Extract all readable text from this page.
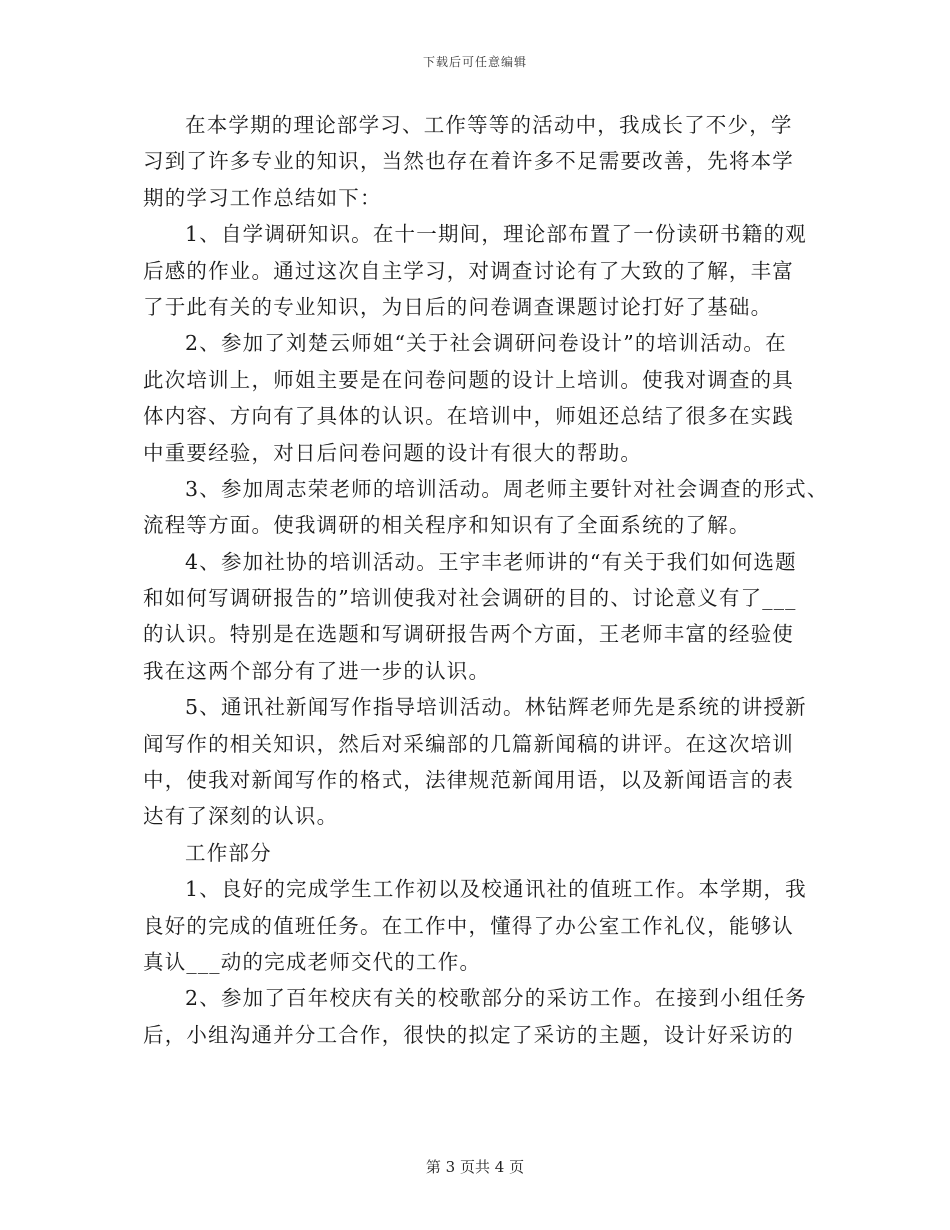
下载后可任意编辑
在本学期的理论部学习、工作等等的活动中，我成长了不少，学
习到了许多专业的知识，当然也存在着许多不足需要改善，先将本学
期的学习工作总结如下：
1、自学调研知识。在十一期间，理论部布置了一份读研书籍的观
后感的作业。通过这次自主学习，对调查讨论有了大致的了解，丰富
了于此有关的专业知识，为日后的问卷调查课题讨论打好了基础。
2、参加了刘楚云师姐“关于社会调研问卷设计”的培训活动。在
此次培训上，师姐主要是在问卷问题的设计上培训。使我对调查的具
体内容、方向有了具体的认识。在培训中，师姐还总结了很多在实践
中重要经验，对日后问卷问题的设计有很大的帮助。
3、参加周志荣老师的培训活动。周老师主要针对社会调查的形式、
流程等方面。使我调研的相关程序和知识有了全面系统的了解。
4、参加社协的培训活动。王宇丰老师讲的“有关于我们如何选题
和如何写调研报告的”培训使我对社会调研的目的、讨论意义有了___
的认识。特别是在选题和写调研报告两个方面，王老师丰富的经验使
我在这两个部分有了进一步的认识。
5、通讯社新闻写作指导培训活动。林钻辉老师先是系统的讲授新
闻写作的相关知识，然后对采编部的几篇新闻稿的讲评。在这次培训
中，使我对新闻写作的格式，法律规范新闻用语，以及新闻语言的表
达有了深刻的认识。
工作部分
1、良好的完成学生工作初以及校通讯社的值班工作。本学期，我
良好的完成的值班任务。在工作中，懂得了办公室工作礼仪，能够认
真认___动的完成老师交代的工作。
2、参加了百年校庆有关的校歌部分的采访工作。在接到小组任务
后，小组沟通并分工合作，很快的拟定了采访的主题，设计好采访的
第 3 页共 4 页
